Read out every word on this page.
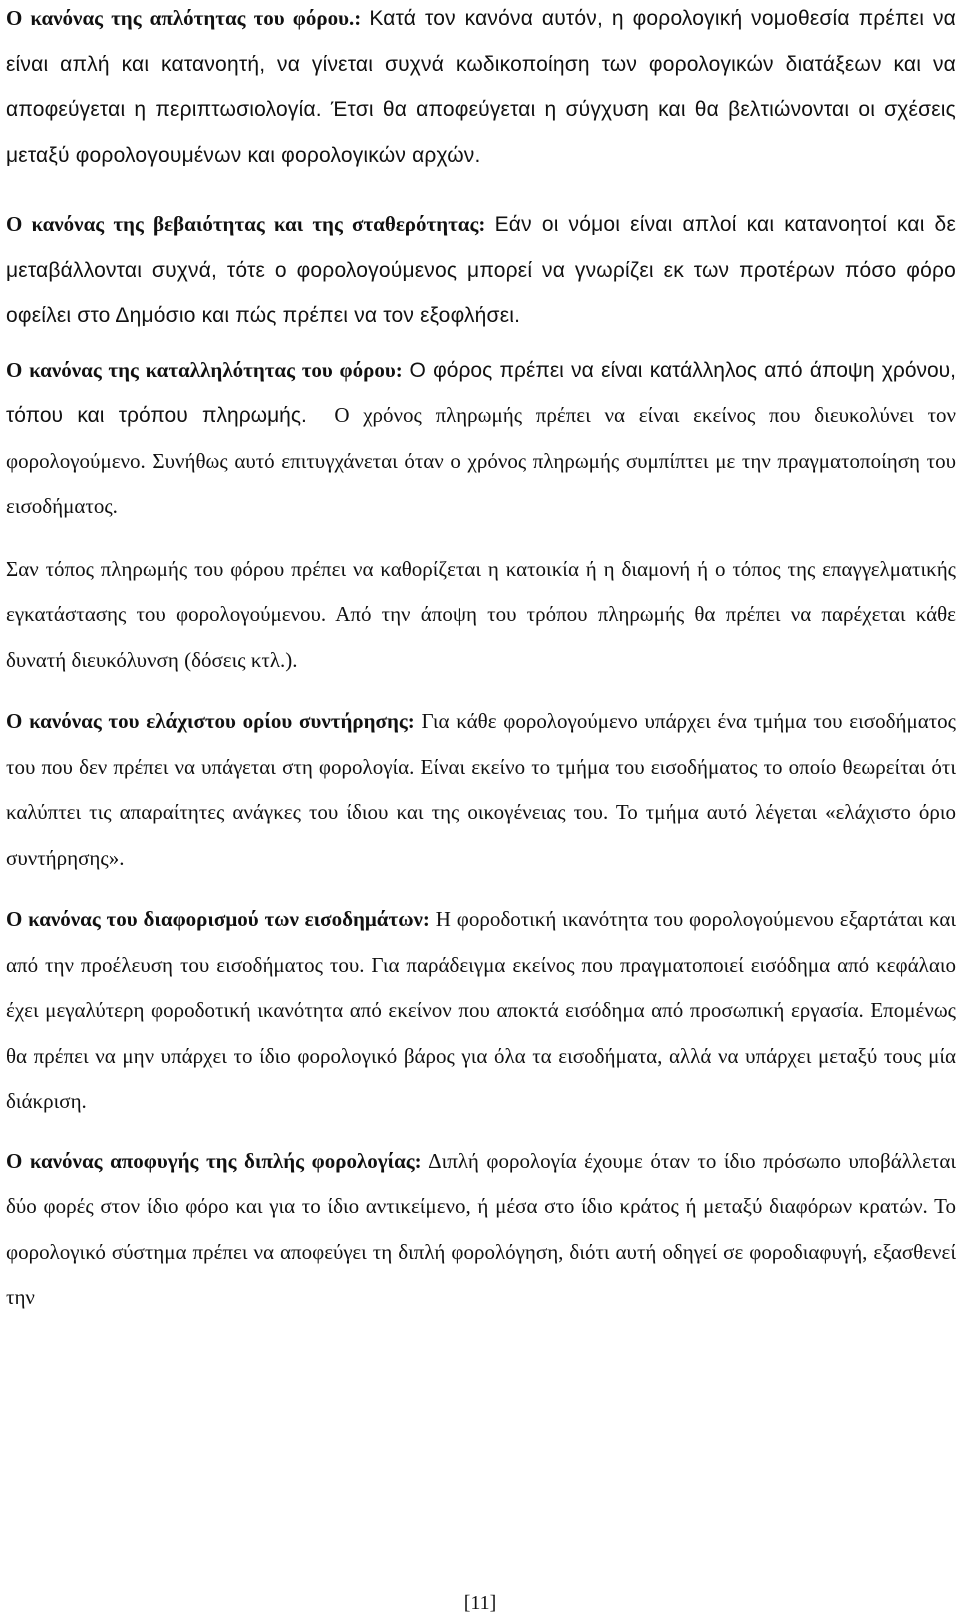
Ο κανόνας της απλότητας του φόρου.: Κατά τον κανόνα αυτόν, η φορολογική νομοθεσία πρέπει να είναι απλή και κατανοητή, να γίνεται συχνά κωδικοποίηση των φορολογικών διατάξεων και να αποφεύγεται η περιπτωσιολογία. Έτσι θα αποφεύγεται η σύγχυση και θα βελτιώνονται οι σχέσεις μεταξύ φορολογουμένων και φορολογικών αρχών.

Ο κανόνας της βεβαιότητας και της σταθερότητας: Εάν οι νόμοι είναι απλοί και κατανοητοί και δε μεταβάλλονται συχνά, τότε ο φορολογούμενος μπορεί να γνωρίζει εκ των προτέρων πόσο φόρο οφείλει στο Δημόσιο και πώς πρέπει να τον εξοφλήσει.

Ο κανόνας της καταλληλότητας του φόρου: Ο φόρος πρέπει να είναι κατάλληλος από άποψη χρόνου, τόπου και τρόπου πληρωμής. Ο χρόνος πληρωμής πρέπει να είναι εκείνος που διευκολύνει τον φορολογούμενο. Συνήθως αυτό επιτυγχάνεται όταν ο χρόνος πληρωμής συμπίπτει με την πραγματοποίηση του εισοδήματος.

Σαν τόπος πληρωμής του φόρου πρέπει να καθορίζεται η κατοικία ή η διαμονή ή ο τόπος της επαγγελματικής εγκατάστασης του φορολογούμενου. Από την άποψη του τρόπου πληρωμής θα πρέπει να παρέχεται κάθε δυνατή διευκόλυνση (δόσεις κτλ.).

Ο κανόνας του ελάχιστου ορίου συντήρησης: Για κάθε φορολογούμενο υπάρχει ένα τμήμα του εισοδήματος του που δεν πρέπει να υπάγεται στη φορολογία. Είναι εκείνο το τμήμα του εισοδήματος το οποίο θεωρείται ότι καλύπτει τις απαραίτητες ανάγκες του ίδιου και της οικογένειας του. Το τμήμα αυτό λέγεται «ελάχιστο όριο συντήρησης».

Ο κανόνας του διαφορισμού των εισοδημάτων: Η φοροδοτική ικανότητα του φορολογούμενου εξαρτάται και από την προέλευση του εισοδήματος του. Για παράδειγμα εκείνος που πραγματοποιεί εισόδημα από κεφάλαιο έχει μεγαλύτερη φοροδοτική ικανότητα από εκείνον που αποκτά εισόδημα από προσωπική εργασία. Επομένως θα πρέπει να μην υπάρχει το ίδιο φορολογικό βάρος για όλα τα εισοδήματα, αλλά να υπάρχει μεταξύ τους μία διάκριση.

Ο κανόνας αποφυγής της διπλής φορολογίας: Διπλή φορολογία έχουμε όταν το ίδιο πρόσωπο υποβάλλεται δύο φορές στον ίδιο φόρο και για το ίδιο αντικείμενο, ή μέσα στο ίδιο κράτος ή μεταξύ διαφόρων κρατών. Το φορολογικό σύστημα πρέπει να αποφεύγει τη διπλή φορολόγηση, διότι αυτή οδηγεί σε φοροδιαφυγή, εξασθενεί την

[11]
